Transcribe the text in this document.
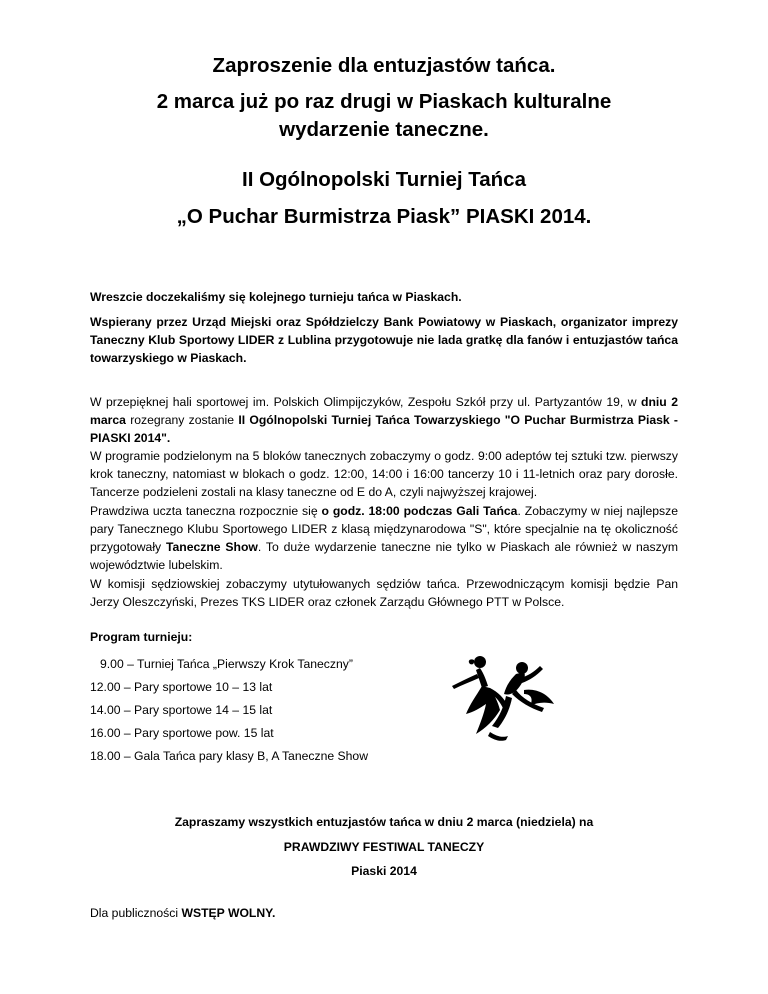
Zaproszenie dla entuzjastów tańca.
2 marca już po raz drugi w Piaskach kulturalne
wydarzenie taneczne.
II Ogólnopolski Turniej Tańca
„O Puchar Burmistrza Piask” PIASKI 2014.

Wreszcie doczekaliśmy się kolejnego turnieju tańca w Piaskach.

Wspierany przez Urząd Miejski oraz Spółdzielczy Bank Powiatowy w Piaskach, organizator imprezy Taneczny Klub Sportowy LIDER z Lublina przygotowuje nie lada gratkę dla fanów i entuzjastów tańca towarzyskiego w Piaskach.

W przepięknej hali sportowej im. Polskich Olimpijczyków, Zespołu Szkół przy ul. Partyzantów 19, w dniu 2 marca rozegrany zostanie II Ogólnopolski Turniej Tańca Towarzyskiego "O Puchar Burmistrza Piask - PIASKI 2014".

W programie podzielonym na 5 bloków tanecznych zobaczymy o godz. 9:00 adeptów tej sztuki tzw. pierwszy krok taneczny, natomiast w blokach o godz. 12:00, 14:00 i 16:00 tancerzy 10 i 11-letnich oraz pary dorosłe. Tancerze podzieleni zostali na klasy taneczne od E do A, czyli najwyższej krajowej.

Prawdziwa uczta taneczna rozpocznie się o godz. 18:00 podczas Gali Tańca. Zobaczymy w niej najlepsze pary Tanecznego Klubu Sportowego LIDER z klasą międzynarodowa "S", które specjalnie na tę okoliczność przygotowały Taneczne Show. To duże wydarzenie taneczne nie tylko w Piaskach ale również w naszym województwie lubelskim.

W komisji sędziowskiej zobaczymy utytułowanych sędziów tańca. Przewodniczącym komisji będzie Pan Jerzy Oleszczyński, Prezes TKS LIDER oraz członek Zarządu Głównego PTT w Polsce.

Program turnieju:

9.00 – Turniej Tańca „Pierwszy Krok Taneczny”
12.00 – Pary sportowe 10 – 13 lat
14.00 – Pary sportowe 14 – 15 lat
16.00 – Pary sportowe pow. 15 lat
18.00 – Gala Tańca pary klasy B, A Taneczne Show

Zapraszamy wszystkich entuzjastów tańca w dniu 2 marca (niedziela) na

PRAWDZIWY FESTIWAL TANECZY

Piaski 2014

Dla publiczności WSTĘP WOLNY.
